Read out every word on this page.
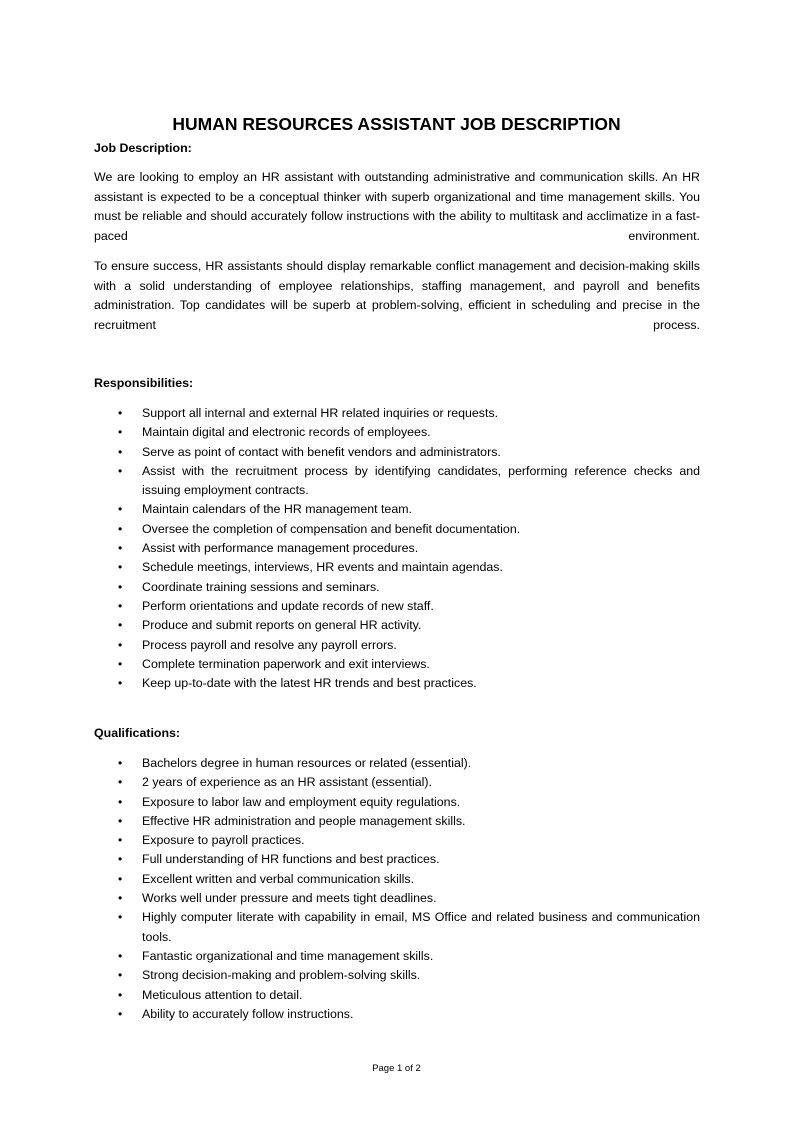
HUMAN RESOURCES ASSISTANT JOB DESCRIPTION
Job Description:

We are looking to employ an HR assistant with outstanding administrative and communication skills. An HR assistant is expected to be a conceptual thinker with superb organizational and time management skills. You must be reliable and should accurately follow instructions with the ability to multitask and acclimatize in a fast-paced environment.

To ensure success, HR assistants should display remarkable conflict management and decision-making skills with a solid understanding of employee relationships, staffing management, and payroll and benefits administration. Top candidates will be superb at problem-solving, efficient in scheduling and precise in the recruitment process.

Responsibilities:
• Support all internal and external HR related inquiries or requests.
• Maintain digital and electronic records of employees.
• Serve as point of contact with benefit vendors and administrators.
• Assist with the recruitment process by identifying candidates, performing reference checks and issuing employment contracts.
• Maintain calendars of the HR management team.
• Oversee the completion of compensation and benefit documentation.
• Assist with performance management procedures.
• Schedule meetings, interviews, HR events and maintain agendas.
• Coordinate training sessions and seminars.
• Perform orientations and update records of new staff.
• Produce and submit reports on general HR activity.
• Process payroll and resolve any payroll errors.
• Complete termination paperwork and exit interviews.
• Keep up-to-date with the latest HR trends and best practices.
Qualifications:
• Bachelors degree in human resources or related (essential).
• 2 years of experience as an HR assistant (essential).
• Exposure to labor law and employment equity regulations.
• Effective HR administration and people management skills.
• Exposure to payroll practices.
• Full understanding of HR functions and best practices.
• Excellent written and verbal communication skills.
• Works well under pressure and meets tight deadlines.
• Highly computer literate with capability in email, MS Office and related business and communication tools.
• Fantastic organizational and time management skills.
• Strong decision-making and problem-solving skills.
• Meticulous attention to detail.
• Ability to accurately follow instructions.
Page 1 of 2
